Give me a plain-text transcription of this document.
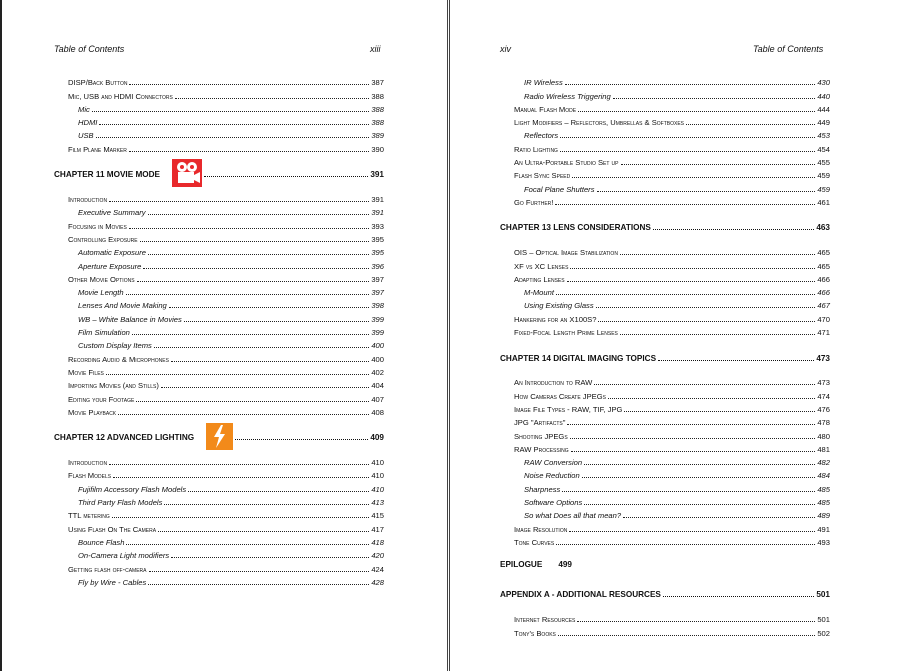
Table of Contents	xiii
DISP/Back Button	387
Mic, USB and HDMI Connectors	388
Mic	388
HDMI	388
USB	389
Film Plane Marker	390
CHAPTER 11 MOVIE MODE	391
Introduction	391
Executive Summary	391
Focusing in Movies	393
Controlling Exposure	395
Automatic Exposure	395
Aperture Exposure	396
Other Movie Options	397
Movie Length	397
Lenses And Movie Making	398
WB – White Balance in Movies	399
Film Simulation	399
Custom Display Items	400
Recording Audio & Microphones	400
Movie Files	402
Importing Movies (and Stills)	404
Editing your Footage	407
Movie Playback	408
CHAPTER 12 ADVANCED LIGHTING	409
Introduction	410
Flash Models	410
Fujifilm Accessory Flash Models	410
Third Party Flash Models	413
TTL metering	415
Using Flash On The Camera	417
Bounce Flash	418
On-Camera Light modifiers	420
Getting flash off-camera	424
Fly by Wire - Cables	428
xiv	Table of Contents
IR Wireless	430
Radio Wireless Triggering	440
Manual Flash Mode	444
Light Modifiers – Reflectors, Umbrellas & Softboxes	449
Reflectors	453
Ratio Lighting	454
An Ultra-Portable Studio Set up	455
Flash Sync Speed	459
Focal Plane Shutters	459
Go Further!	461
CHAPTER 13 LENS CONSIDERATIONS	463
OIS – Optical Image Stabilization	465
XF vs XC Lenses	465
Adapting Lenses	466
M-Mount	466
Using Existing Glass	467
Hankering for an X100S?	470
Fixed-Focal Length Prime Lenses	471
CHAPTER 14 DIGITAL IMAGING TOPICS	473
An Introduction to RAW	473
How Cameras Create JPEGs	474
Image File Types - RAW, TIF, JPG	476
JPG "Artifacts"	478
Shooting JPEGs	480
RAW Processing	481
RAW Conversion	482
Noise Reduction	484
Sharpness	485
Software Options	485
So what Does all that mean?	489
Image Resolution	491
Tone Curves	493
EPILOGUE 499
APPENDIX A - ADDITIONAL RESOURCES	501
Internet Resources	501
Tony's Books	502
